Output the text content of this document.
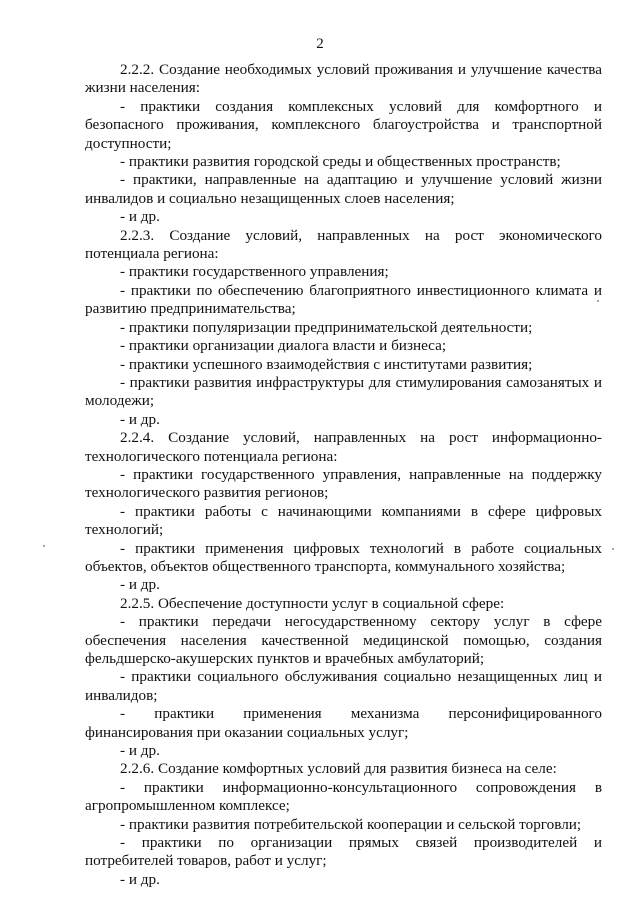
2

2.2.2. Создание необходимых условий проживания и улучшение качества жизни населения:

- практики создания комплексных условий для комфортного и безопасного проживания, комплексного благоустройства и транспортной доступности;

- практики развития городской среды и общественных пространств;

- практики, направленные на адаптацию и улучшение условий жизни инвалидов и социально незащищенных слоев населения;

- и др.

2.2.3. Создание условий, направленных на рост экономического потенциала региона:

- практики государственного управления;

- практики по обеспечению благоприятного инвестиционного климата и развитию предпринимательства;

- практики популяризации предпринимательской деятельности;

- практики организации диалога власти и бизнеса;

- практики успешного взаимодействия с институтами развития;

- практики развития инфраструктуры для стимулирования самозанятых и молодежи;

- и др.

2.2.4. Создание условий, направленных на рост информационно-технологического потенциала региона:

- практики государственного управления, направленные на поддержку технологического развития регионов;

- практики работы с начинающими компаниями в сфере цифровых технологий;

- практики применения цифровых технологий в работе социальных объектов, объектов общественного транспорта, коммунального хозяйства;

- и др.

2.2.5. Обеспечение доступности услуг в социальной сфере:

- практики передачи негосударственному сектору услуг в сфере обеспечения населения качественной медицинской помощью, создания фельдшерско-акушерских пунктов и врачебных амбулаторий;

- практики социального обслуживания социально незащищенных лиц и инвалидов;

- практики применения механизма персонифицированного финансирования при оказании социальных услуг;

- и др.

2.2.6. Создание комфортных условий для развития бизнеса на селе:

- практики информационно-консультационного сопровождения в агропромышленном комплексе;

- практики развития потребительской кооперации и сельской торговли;

- практики по организации прямых связей производителей и потребителей товаров, работ и услуг;

- и др.
